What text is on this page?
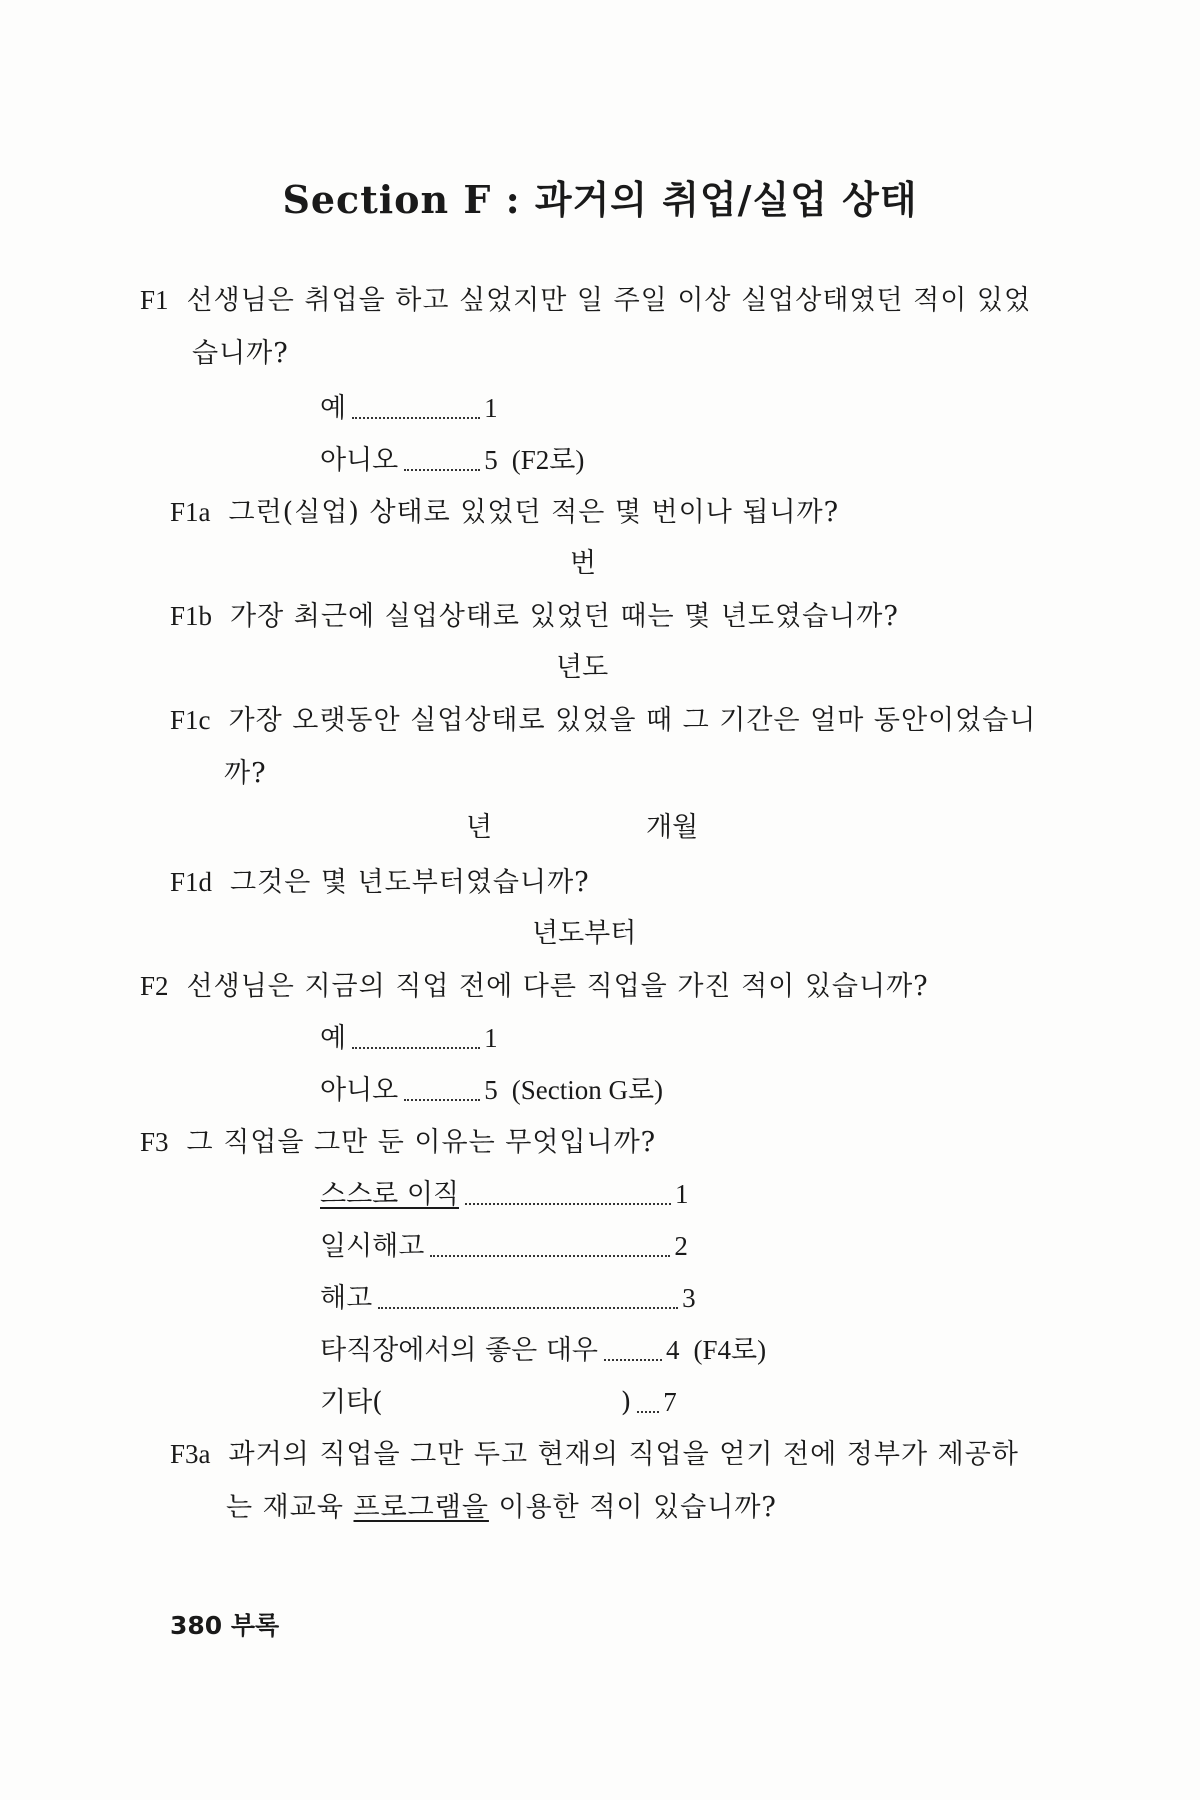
Section F : 과거의 취업/실업 상태
F1 선생님은 취업을 하고 싶었지만 일 주일 이상 실업상태였던 적이 있었
습니까?
예	1
아니오	5 (F2로)
F1a 그런(실업) 상태로 있었던 적은 몇 번이나 됩니까?
번
F1b 가장 최근에 실업상태로 있었던 때는 몇 년도였습니까?
년도
F1c 가장 오랫동안 실업상태로 있었을 때 그 기간은 얼마 동안이었습니
까?
년	개월
F1d 그것은 몇 년도부터였습니까?
년도부터
F2 선생님은 지금의 직업 전에 다른 직업을 가진 적이 있습니까?
예	1
아니오	5 (Section G로)
F3 그 직업을 그만 둔 이유는 무엇입니까?
스스로 이직	1
일시해고	2
해고	3
타직장에서의 좋은 대우	4 (F4로)
기타(	) 7
F3a 과거의 직업을 그만 두고 현재의 직업을 얻기 전에 정부가 제공하
는 재교육 프로그램을 이용한 적이 있습니까?
380 부록
